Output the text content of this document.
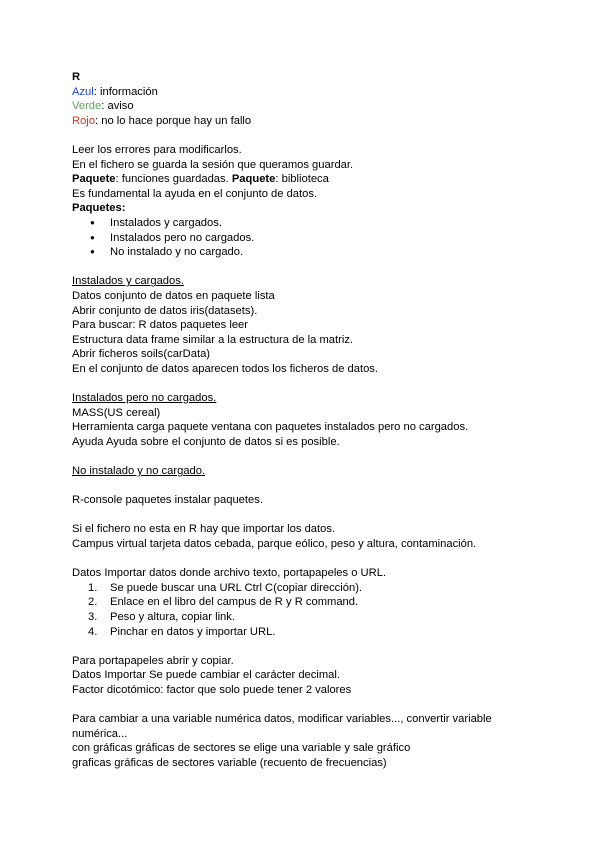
R
Azul: información
Verde: aviso
Rojo: no lo hace porque hay un fallo
Leer los errores para modificarlos.
En el fichero se guarda la sesión que queramos guardar.
Paquete: funciones guardadas. Paquete: biblioteca
Es fundamental la ayuda en el conjunto de datos.
Paquetes:
● Instalados y cargados.
● Instalados pero no cargados.
● No instalado y no cargado.
Instalados y cargados.
Datos conjunto de datos en paquete lista
Abrir conjunto de datos iris(datasets).
Para buscar: R datos paquetes leer
Estructura data frame similar a la estructura de la matriz.
Abrir ficheros soils(carData)
En el conjunto de datos aparecen todos los ficheros de datos.
Instalados pero no cargados.
MASS(US cereal)
Herramienta carga paquete ventana con paquetes instalados pero no cargados.
Ayuda Ayuda sobre el conjunto de datos si es posible.
No instalado y no cargado.
R-console paquetes instalar paquetes.
Si el fichero no esta en R hay que importar los datos.
Campus virtual tarjeta datos cebada, parque eólico, peso y altura, contaminación.
Datos Importar datos donde archivo texto, portapapeles o URL.
1. Se puede buscar una URL Ctrl C(copiar dirección).
2. Enlace en el libro del campus de R y R command.
3. Peso y altura, copiar link.
4. Pinchar en datos y importar URL.
Para portapapeles abrir y copiar.
Datos Importar Se puede cambiar el carácter decimal.
Factor dicotómico: factor que solo puede tener 2 valores
Para cambiar a una variable numérica datos, modificar variables..., convertir variable numérica...
con gráficas gráficas de sectores se elige una variable y sale gráfico
graficas gráficas de sectores variable (recuento de frecuencias)
